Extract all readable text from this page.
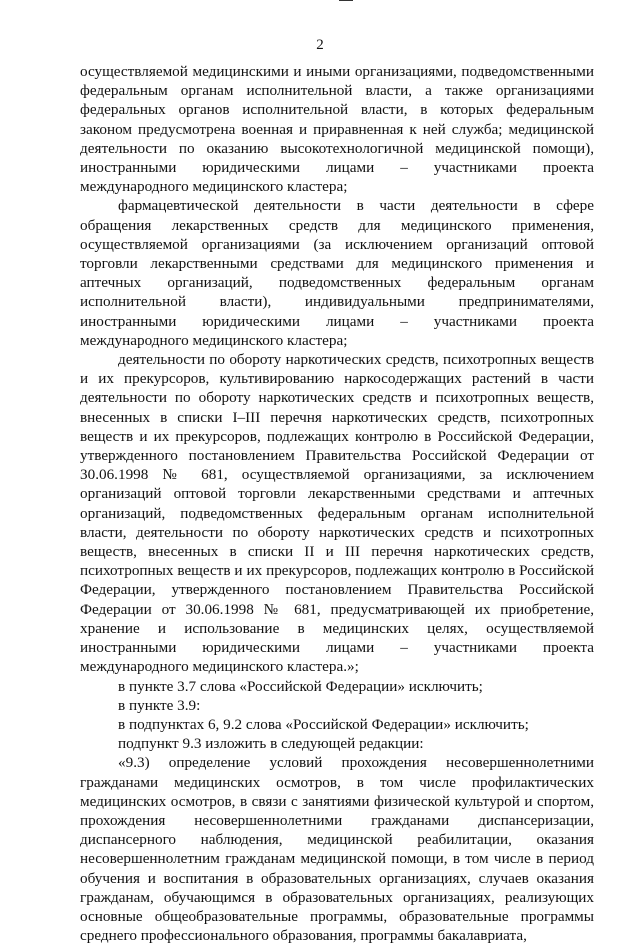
2

осуществляемой медицинскими и иными организациями, подведомственными федеральным органам исполнительной власти, а также организациями федеральных органов исполнительной власти, в которых федеральным законом предусмотрена военная и приравненная к ней служба; медицинской деятельности по оказанию высокотехнологичной медицинской помощи), иностранными юридическими лицами – участниками проекта международного медицинского кластера;

фармацевтической деятельности в части деятельности в сфере обращения лекарственных средств для медицинского применения, осуществляемой организациями (за исключением организаций оптовой торговли лекарственными средствами для медицинского применения и аптечных организаций, подведомственных федеральным органам исполнительной власти), индивидуальными предпринимателями, иностранными юридическими лицами – участниками проекта международного медицинского кластера;

деятельности по обороту наркотических средств, психотропных веществ и их прекурсоров, культивированию наркосодержащих растений в части деятельности по обороту наркотических средств и психотропных веществ, внесенных в списки I–III перечня наркотических средств, психотропных веществ и их прекурсоров, подлежащих контролю в Российской Федерации, утвержденного постановлением Правительства Российской Федерации от 30.06.1998 № 681, осуществляемой организациями, за исключением организаций оптовой торговли лекарственными средствами и аптечных организаций, подведомственных федеральным органам исполнительной власти, деятельности по обороту наркотических средств и психотропных веществ, внесенных в списки II и III перечня наркотических средств, психотропных веществ и их прекурсоров, подлежащих контролю в Российской Федерации, утвержденного постановлением Правительства Российской Федерации от 30.06.1998 № 681, предусматривающей их приобретение, хранение и использование в медицинских целях, осуществляемой иностранными юридическими лицами – участниками проекта международного медицинского кластера.»;

в пункте 3.7 слова «Российской Федерации» исключить;

в пункте 3.9:

в подпунктах 6, 9.2 слова «Российской Федерации» исключить;

подпункт 9.3 изложить в следующей редакции:

«9.3) определение условий прохождения несовершеннолетними гражданами медицинских осмотров, в том числе профилактических медицинских осмотров, в связи с занятиями физической культурой и спортом, прохождения несовершеннолетними гражданами диспансеризации, диспансерного наблюдения, медицинской реабилитации, оказания несовершеннолетним гражданам медицинской помощи, в том числе в период обучения и воспитания в образовательных организациях, случаев оказания гражданам, обучающимся в образовательных организациях, реализующих основные общеобразовательные программы, образовательные программы среднего профессионального образования, программы бакалавриата,
